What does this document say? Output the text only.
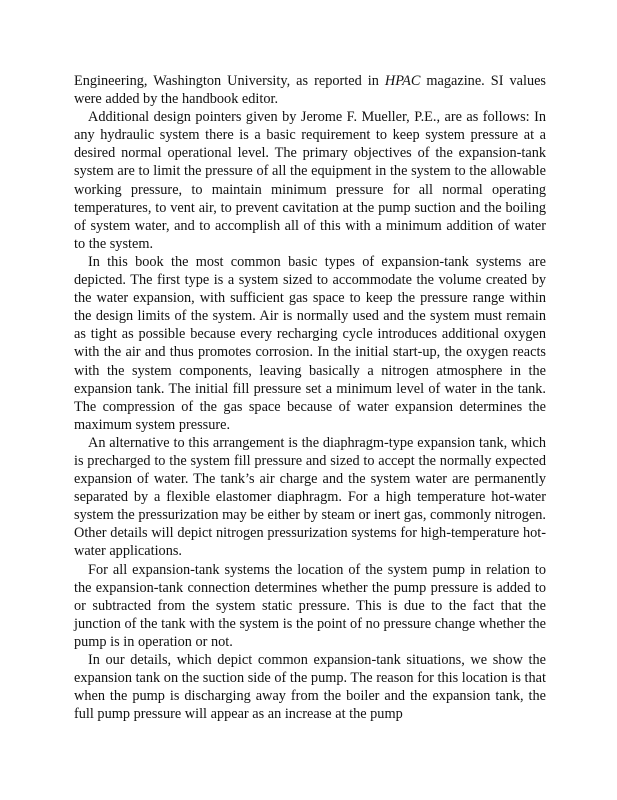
Engineering, Washington University, as reported in HPAC magazine. SI values were added by the handbook editor.

Additional design pointers given by Jerome F. Mueller, P.E., are as follows: In any hydraulic system there is a basic requirement to keep system pressure at a desired normal operational level. The primary objectives of the expansion-tank system are to limit the pressure of all the equipment in the system to the allowable working pressure, to maintain minimum pressure for all normal operating temperatures, to vent air, to prevent cavitation at the pump suction and the boiling of system water, and to accomplish all of this with a minimum addition of water to the system.

In this book the most common basic types of expansion-tank systems are depicted. The first type is a system sized to accommodate the volume created by the water expansion, with sufficient gas space to keep the pressure range within the design limits of the system. Air is normally used and the system must remain as tight as possible because every recharging cycle introduces additional oxygen with the air and thus promotes corrosion. In the initial start-up, the oxygen reacts with the system components, leaving basically a nitrogen atmosphere in the expansion tank. The initial fill pressure set a minimum level of water in the tank. The compression of the gas space because of water expansion determines the maximum system pressure.

An alternative to this arrangement is the diaphragm-type expansion tank, which is precharged to the system fill pressure and sized to accept the normally expected expansion of water. The tank’s air charge and the system water are permanently separated by a flexible elastomer diaphragm. For a high temperature hot-water system the pressurization may be either by steam or inert gas, commonly nitrogen. Other details will depict nitrogen pressurization systems for high-temperature hot-water applications.

For all expansion-tank systems the location of the system pump in relation to the expansion-tank connection determines whether the pump pressure is added to or subtracted from the system static pressure. This is due to the fact that the junction of the tank with the system is the point of no pressure change whether the pump is in operation or not.

In our details, which depict common expansion-tank situations, we show the expansion tank on the suction side of the pump. The reason for this location is that when the pump is discharging away from the boiler and the expansion tank, the full pump pressure will appear as an increase at the pump
